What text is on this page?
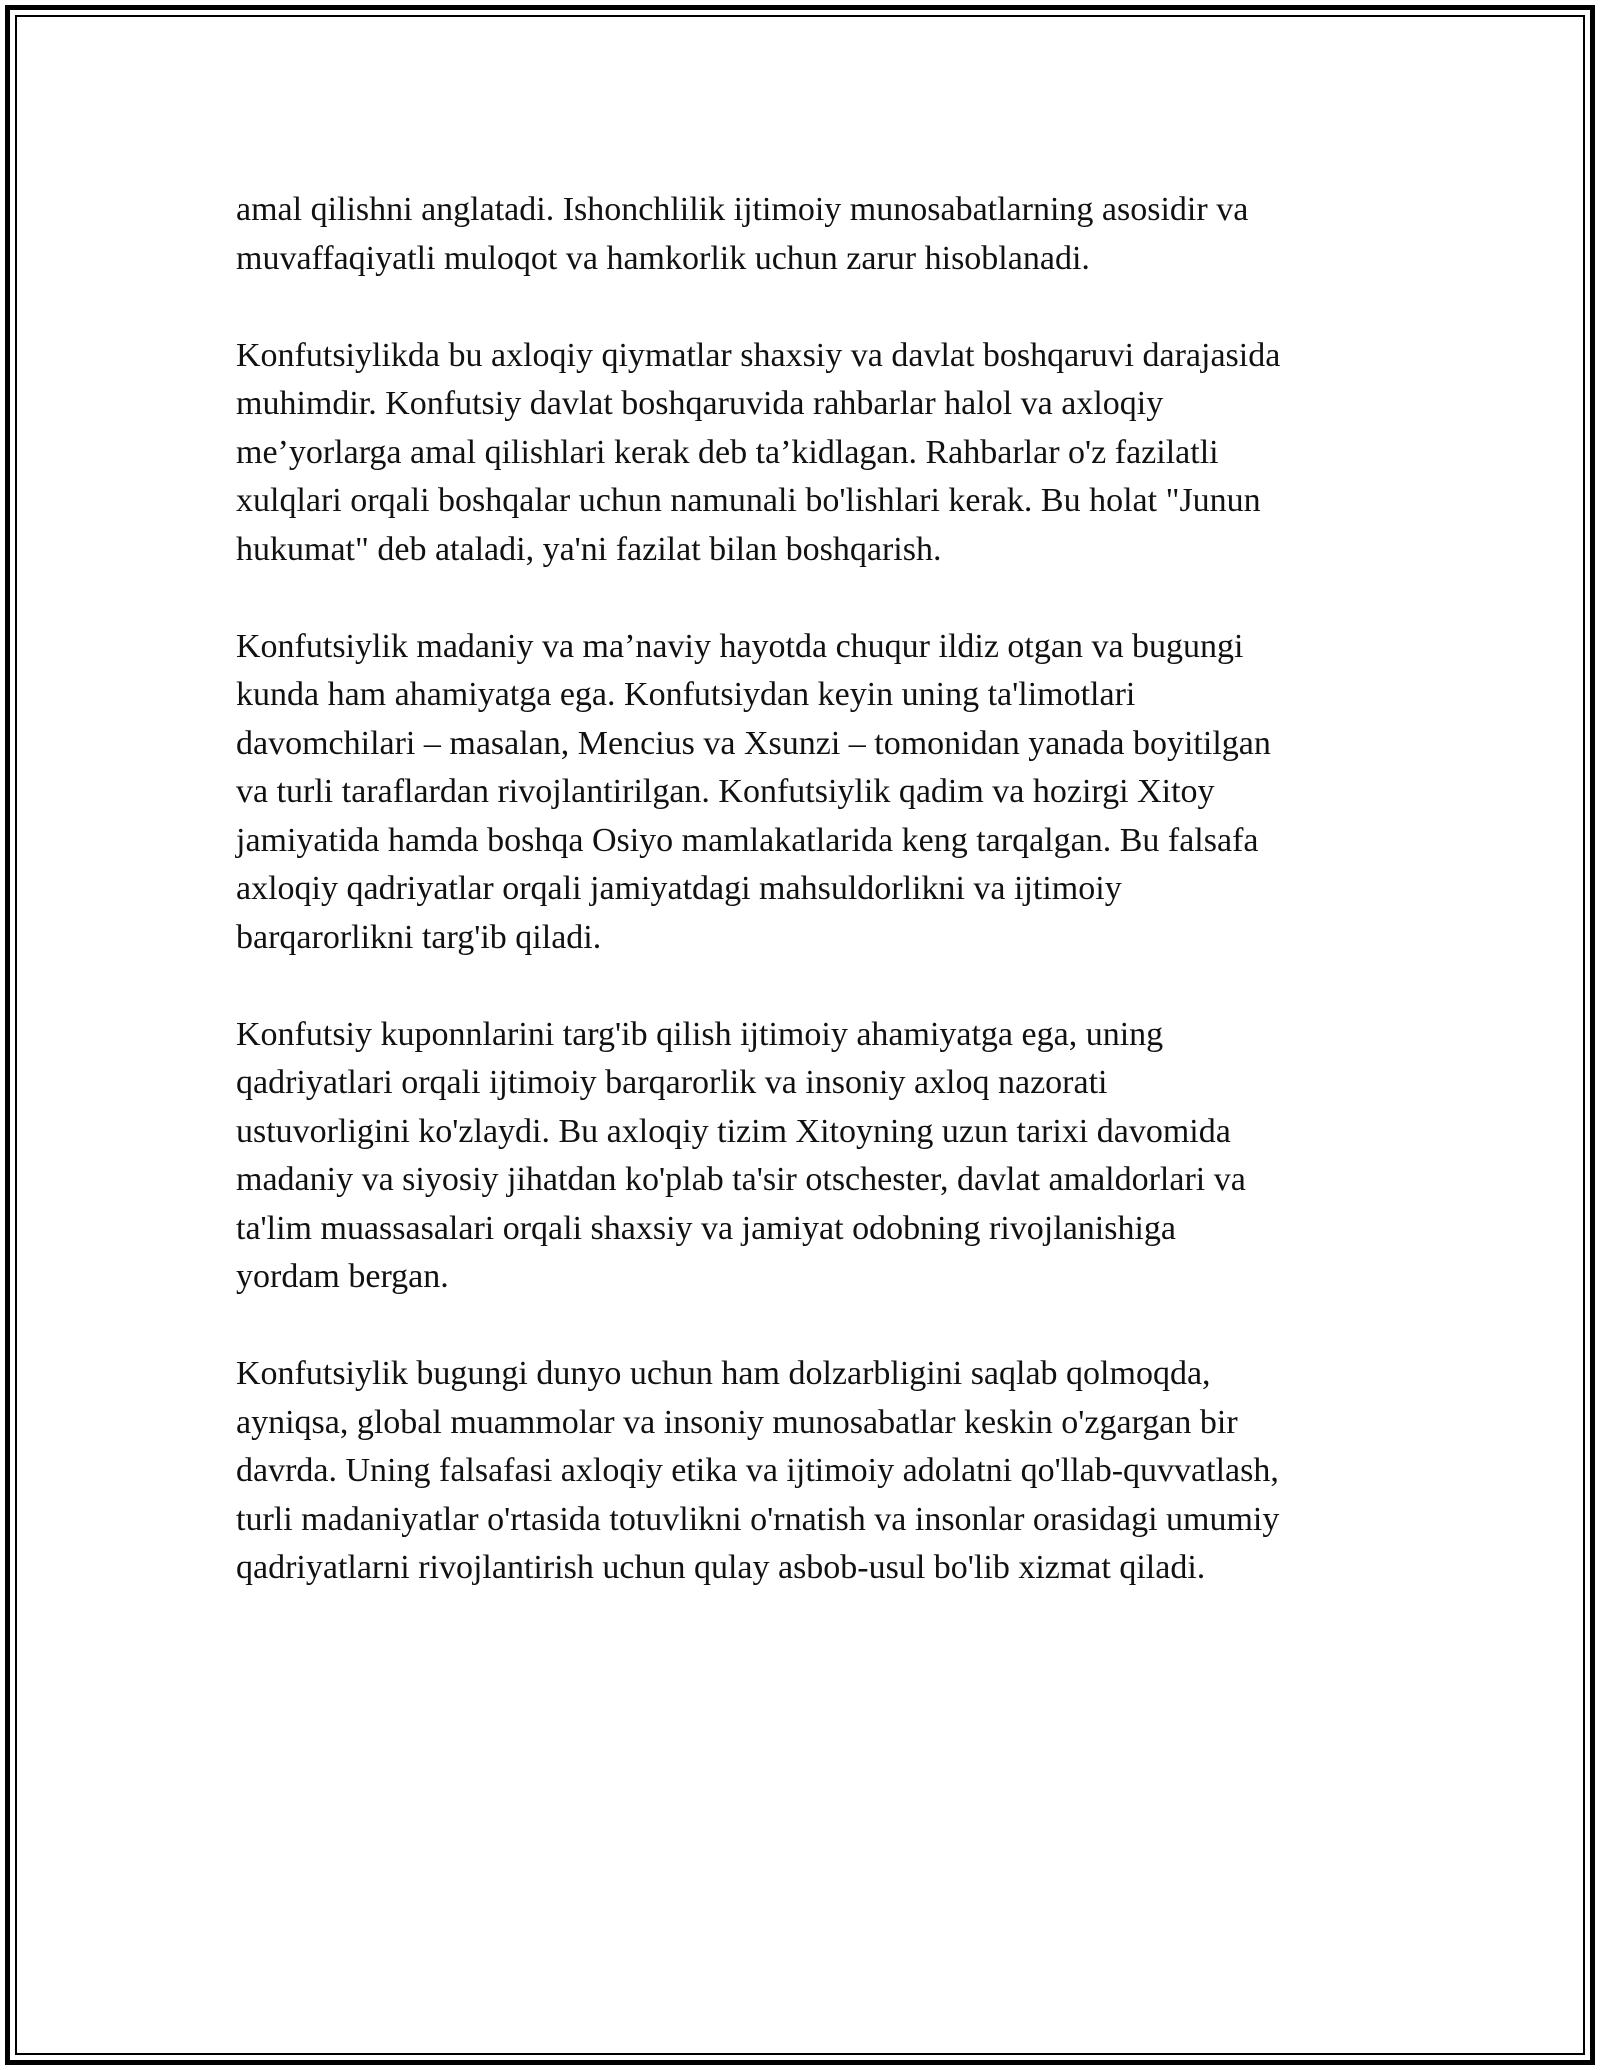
amal qilishni anglatadi. Ishonchlilik ijtimoiy munosabatlarning asosidir va
muvaffaqiyatli muloqot va hamkorlik uchun zarur hisoblanadi.

Konfutsiylikda bu axloqiy qiymatlar shaxsiy va davlat boshqaruvi darajasida
muhimdir. Konfutsiy davlat boshqaruvida rahbarlar halol va axloqiy
me’yorlarga amal qilishlari kerak deb ta’kidlagan. Rahbarlar o'z fazilatli
xulqlari orqali boshqalar uchun namunali bo'lishlari kerak. Bu holat "Junun
hukumat" deb ataladi, ya'ni fazilat bilan boshqarish.

Konfutsiylik madaniy va ma’naviy hayotda chuqur ildiz otgan va bugungi
kunda ham ahamiyatga ega. Konfutsiydan keyin uning ta'limotlari
davomchilari – masalan, Mencius va Xsunzi – tomonidan yanada boyitilgan
va turli taraflardan rivojlantirilgan. Konfutsiylik qadim va hozirgi Xitoy
jamiyatida hamda boshqa Osiyo mamlakatlarida keng tarqalgan. Bu falsafa
axloqiy qadriyatlar orqali jamiyatdagi mahsuldorlikni va ijtimoiy
barqarorlikni targ'ib qiladi.

Konfutsiy kuponnlarini targ'ib qilish ijtimoiy ahamiyatga ega, uning
qadriyatlari orqali ijtimoiy barqarorlik va insoniy axloq nazorati
ustuvorligini ko'zlaydi. Bu axloqiy tizim Xitoyning uzun tarixi davomida
madaniy va siyosiy jihatdan ko'plab ta'sir otschester, davlat amaldorlari va
ta'lim muassasalari orqali shaxsiy va jamiyat odobning rivojlanishiga
yordam bergan.

Konfutsiylik bugungi dunyo uchun ham dolzarbligini saqlab qolmoqda,
ayniqsa, global muammolar va insoniy munosabatlar keskin o'zgargan bir
davrda. Uning falsafasi axloqiy etika va ijtimoiy adolatni qo'llab-quvvatlash,
turli madaniyatlar o'rtasida totuvlikni o'rnatish va insonlar orasidagi umumiy
qadriyatlarni rivojlantirish uchun qulay asbob-usul bo'lib xizmat qiladi.
